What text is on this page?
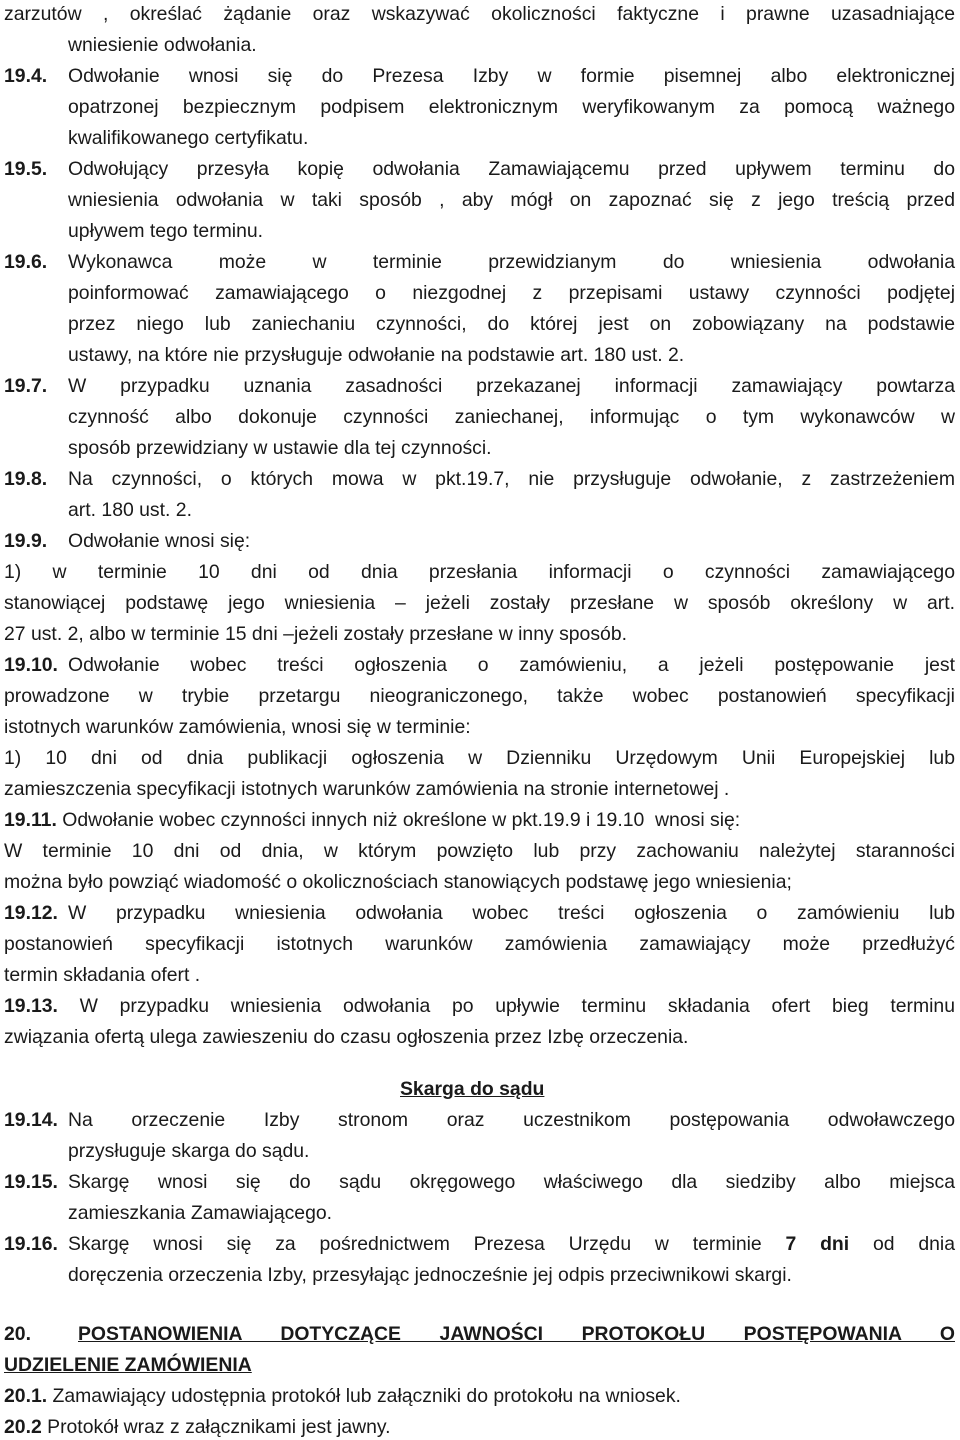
zarzutów , określać żądanie oraz wskazywać okoliczności faktyczne i prawne uzasadniające
wniesienie odwołania.
19.4. Odwołanie wnosi się do Prezesa Izby w formie pisemnej albo elektronicznej
opatrzonej bezpiecznym podpisem elektronicznym weryfikowanym za pomocą ważnego
kwalifikowanego certyfikatu.
19.5. Odwołujący przesyła kopię odwołania Zamawiającemu przed upływem terminu do
wniesienia odwołania w taki sposób , aby mógł on zapoznać się z jego treścią przed
upływem tego terminu.
19.6. Wykonawca może w terminie przewidzianym do wniesienia odwołania
poinformować zamawiającego o niezgodnej z przepisami ustawy czynności podjętej
przez niego lub zaniechaniu czynności, do której jest on zobowiązany na podstawie
ustawy, na które nie przysługuje odwołanie na podstawie art. 180 ust. 2.
19.7. W przypadku uznania zasadności przekazanej informacji zamawiający powtarza
czynność albo dokonuje czynności zaniechanej, informując o tym wykonawców w
sposób przewidziany w ustawie dla tej czynności.
19.8. Na czynności, o których mowa w pkt.19.7, nie przysługuje odwołanie, z zastrzeżeniem
art. 180 ust. 2.
19.9. Odwołanie wnosi się:
1) w terminie 10 dni od dnia przesłania informacji o czynności zamawiającego
stanowiącej podstawę jego wniesienia – jeżeli zostały przesłane w sposób określony w art.
27 ust. 2, albo w terminie 15 dni –jeżeli zostały przesłane w inny sposób.
19.10. Odwołanie wobec treści ogłoszenia o zamówieniu, a jeżeli postępowanie jest
prowadzone w trybie przetargu nieograniczonego, także wobec postanowień specyfikacji
istotnych warunków zamówienia, wnosi się w terminie:
1) 10 dni od dnia publikacji ogłoszenia w Dzienniku Urzędowym Unii Europejskiej lub
zamieszczenia specyfikacji istotnych warunków zamówienia na stronie internetowej .
19.11. Odwołanie wobec czynności innych niż określone w pkt.19.9 i 19.10  wnosi się:
W terminie 10 dni od dnia, w którym powzięto lub przy zachowaniu należytej staranności
można było powziąć wiadomość o okolicznościach stanowiących podstawę jego wniesienia;
19.12. W przypadku wniesienia odwołania wobec treści ogłoszenia o zamówieniu lub
postanowień specyfikacji istotnych warunków zamówienia zamawiający może przedłużyć
termin składania ofert .
19.13. W przypadku wniesienia odwołania po upływie terminu składania ofert bieg terminu
związania ofertą ulega zawieszeniu do czasu ogłoszenia przez Izbę orzeczenia.
Skarga do sądu
19.14. Na orzeczenie Izby stronom oraz uczestnikom postępowania odwoławczego
przysługuje skarga do sądu.
19.15. Skargę wnosi się do sądu okręgowego właściwego dla siedziby albo miejsca
zamieszkania Zamawiającego.
19.16. Skargę wnosi się za pośrednictwem Prezesa Urzędu w terminie 7 dni od dnia
doręczenia orzeczenia Izby, przesyłając jednocześnie jej odpis przeciwnikowi skargi.
20. POSTANOWIENIA DOTYCZĄCE JAWNOŚCI PROTOKOŁU POSTĘPOWANIA O
UDZIELENIE ZAMÓWIENIA
20.1. Zamawiający udostępnia protokół lub załączniki do protokołu na wniosek.
20.2 Protokół wraz z załącznikami jest jawny.
